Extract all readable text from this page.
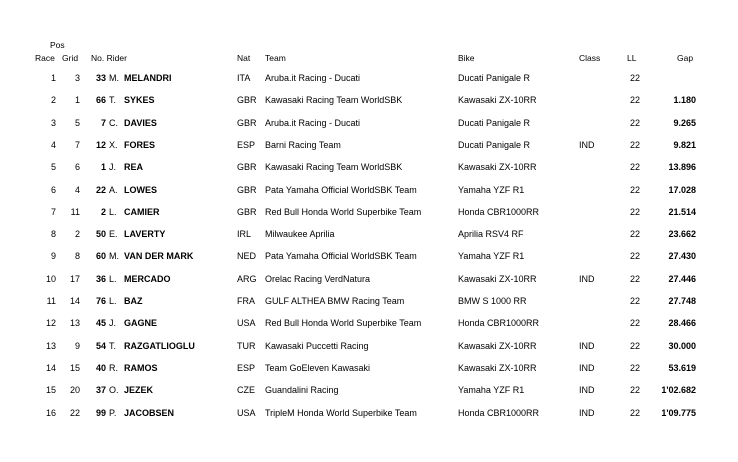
Pos
Race Grid No. Rider	Nat Team	Bike	Class	LL	Gap
1	3	33 M. MELANDRI	ITA	Aruba.it Racing - Ducati	Ducati Panigale R	22
2	1	66 T. SYKES	GBR Kawasaki Racing Team WorldSBK	Kawasaki ZX-10RR	22	1.180
3	5	7 C. DAVIES	GBR Aruba.it Racing - Ducati	Ducati Panigale R	22	9.265
4	7	12 X. FORES	ESP	Barni Racing Team	Ducati Panigale R	IND	22	9.821
5	6	1 J. REA	GBR Kawasaki Racing Team WorldSBK	Kawasaki ZX-10RR	22	13.896
6	4	22 A. LOWES	GBR Pata Yamaha Official WorldSBK Team	Yamaha YZF R1	22	17.028
7	11	2 L. CAMIER	GBR Red Bull Honda World Superbike Team	Honda CBR1000RR	22	21.514
8	2	50 E. LAVERTY	IRL	Milwaukee Aprilia	Aprilia RSV4 RF	22	23.662
9	8	60 M. VAN DER MARK	NED Pata Yamaha Official WorldSBK Team	Yamaha YZF R1	22	27.430
10	17	36 L. MERCADO	ARG Orelac Racing VerdNatura	Kawasaki ZX-10RR	IND	22	27.446
11	14	76 L. BAZ	FRA	GULF ALTHEA BMW Racing Team	BMW S 1000 RR	22	27.748
12	13	45 J. GAGNE	USA	Red Bull Honda World Superbike Team	Honda CBR1000RR	22	28.466
13	9	54 T. RAZGATLIOGLU	TUR	Kawasaki Puccetti Racing	Kawasaki ZX-10RR	IND	22	30.000
14	15	40 R. RAMOS	ESP	Team GoEleven Kawasaki	Kawasaki ZX-10RR	IND	22	53.619
15	20	37 O. JEZEK	CZE	Guandalini Racing	Yamaha YZF R1	IND	22	1'02.682
16	22	99 P. JACOBSEN	USA	TripleM Honda World Superbike Team	Honda CBR1000RR	IND	22	1'09.775
